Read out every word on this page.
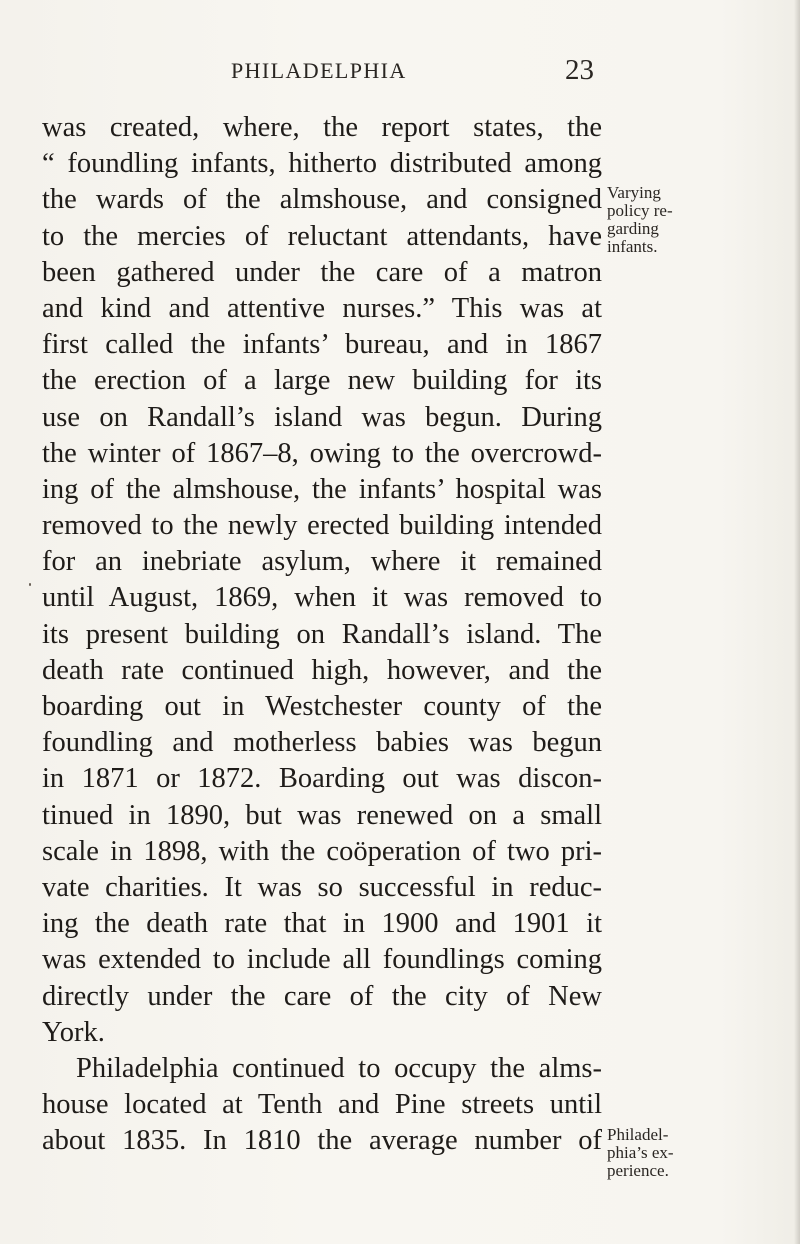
PHILADELPHIA	23
was created, where, the report states, the
“ foundling infants, hitherto distributed among
the wards of the almshouse, and consigned
to the mercies of reluctant attendants, have
been gathered under the care of a matron
and kind and attentive nurses.” This was at
first called the infants’ bureau, and in 1867
the erection of a large new building for its
use on Randall’s island was begun. During
the winter of 1867–8, owing to the overcrowd-
ing of the almshouse, the infants’ hospital was
removed to the newly erected building intended
for an inebriate asylum, where it remained
until August, 1869, when it was removed to
its present building on Randall’s island. The
death rate continued high, however, and the
boarding out in Westchester county of the
foundling and motherless babies was begun
in 1871 or 1872. Boarding out was discon-
tinued in 1890, but was renewed on a small
scale in 1898, with the coöperation of two pri-
vate charities. It was so successful in reduc-
ing the death rate that in 1900 and 1901 it
was extended to include all foundlings coming
directly under the care of the city of New
York.
Philadelphia continued to occupy the alms-
house located at Tenth and Pine streets until
about 1835. In 1810 the average number of
Varying
policy re-
garding
infants.
Philadel-
phia’s ex-
perience.
